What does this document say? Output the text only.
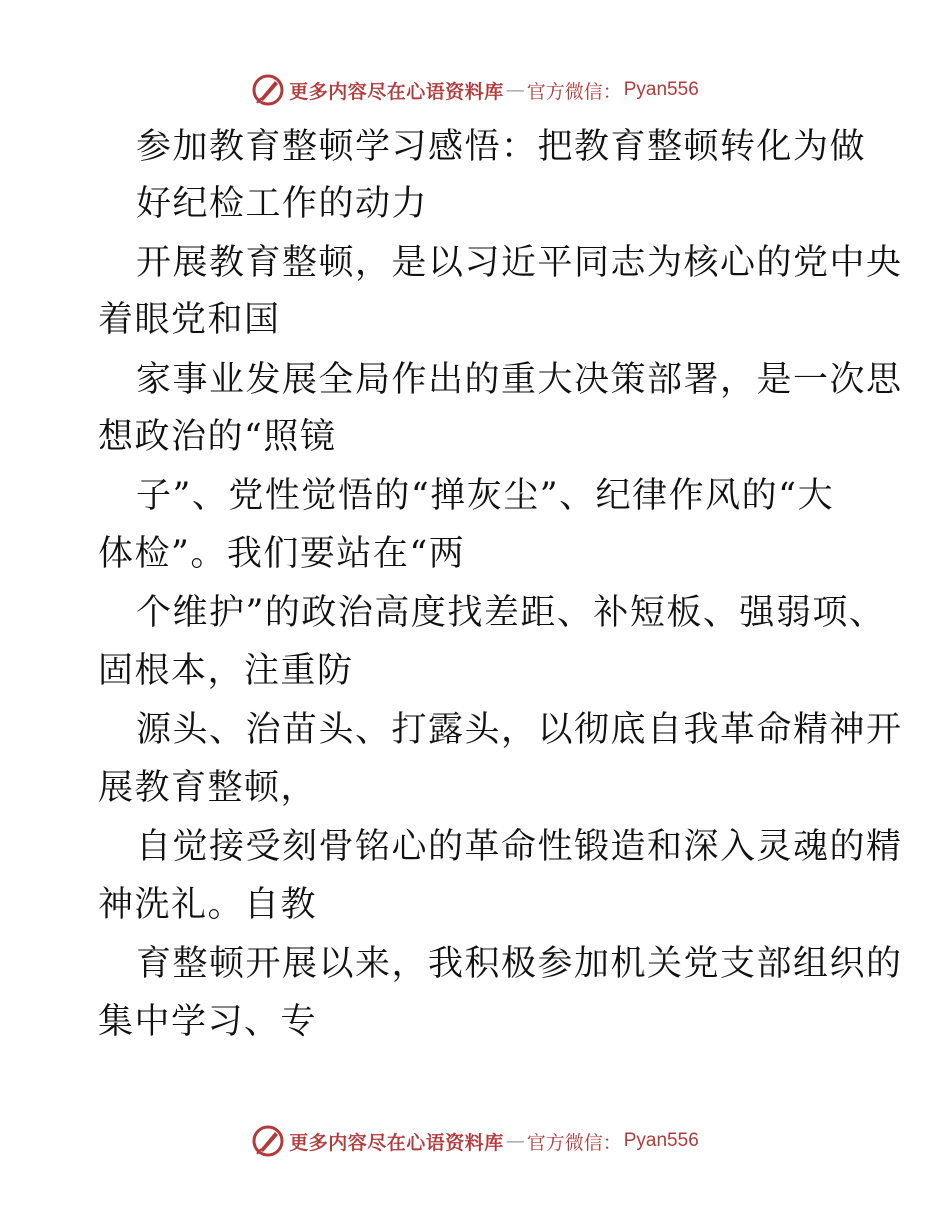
更多内容尽在心语资料库 — 官方微信： Pyan556
参加教育整顿学习感悟：把教育整顿转化为做
好纪检工作的动力
开展教育整顿，是以习近平同志为核心的党中央
着眼党和国
家事业发展全局作出的重大决策部署，是一次思
想政治的“照镜
子”、党性觉悟的“掸灰尘”、纪律作风的“大
体检”。我们要站在“两
个维护”的政治高度找差距、补短板、强弱项、
固根本，注重防
源头、治苗头、打露头，以彻底自我革命精神开
展教育整顿，
自觉接受刻骨铭心的革命性锻造和深入灵魂的精
神洗礼。自教
育整顿开展以来，我积极参加机关党支部组织的
集中学习、专
更多内容尽在心语资料库 — 官方微信： Pyan556
